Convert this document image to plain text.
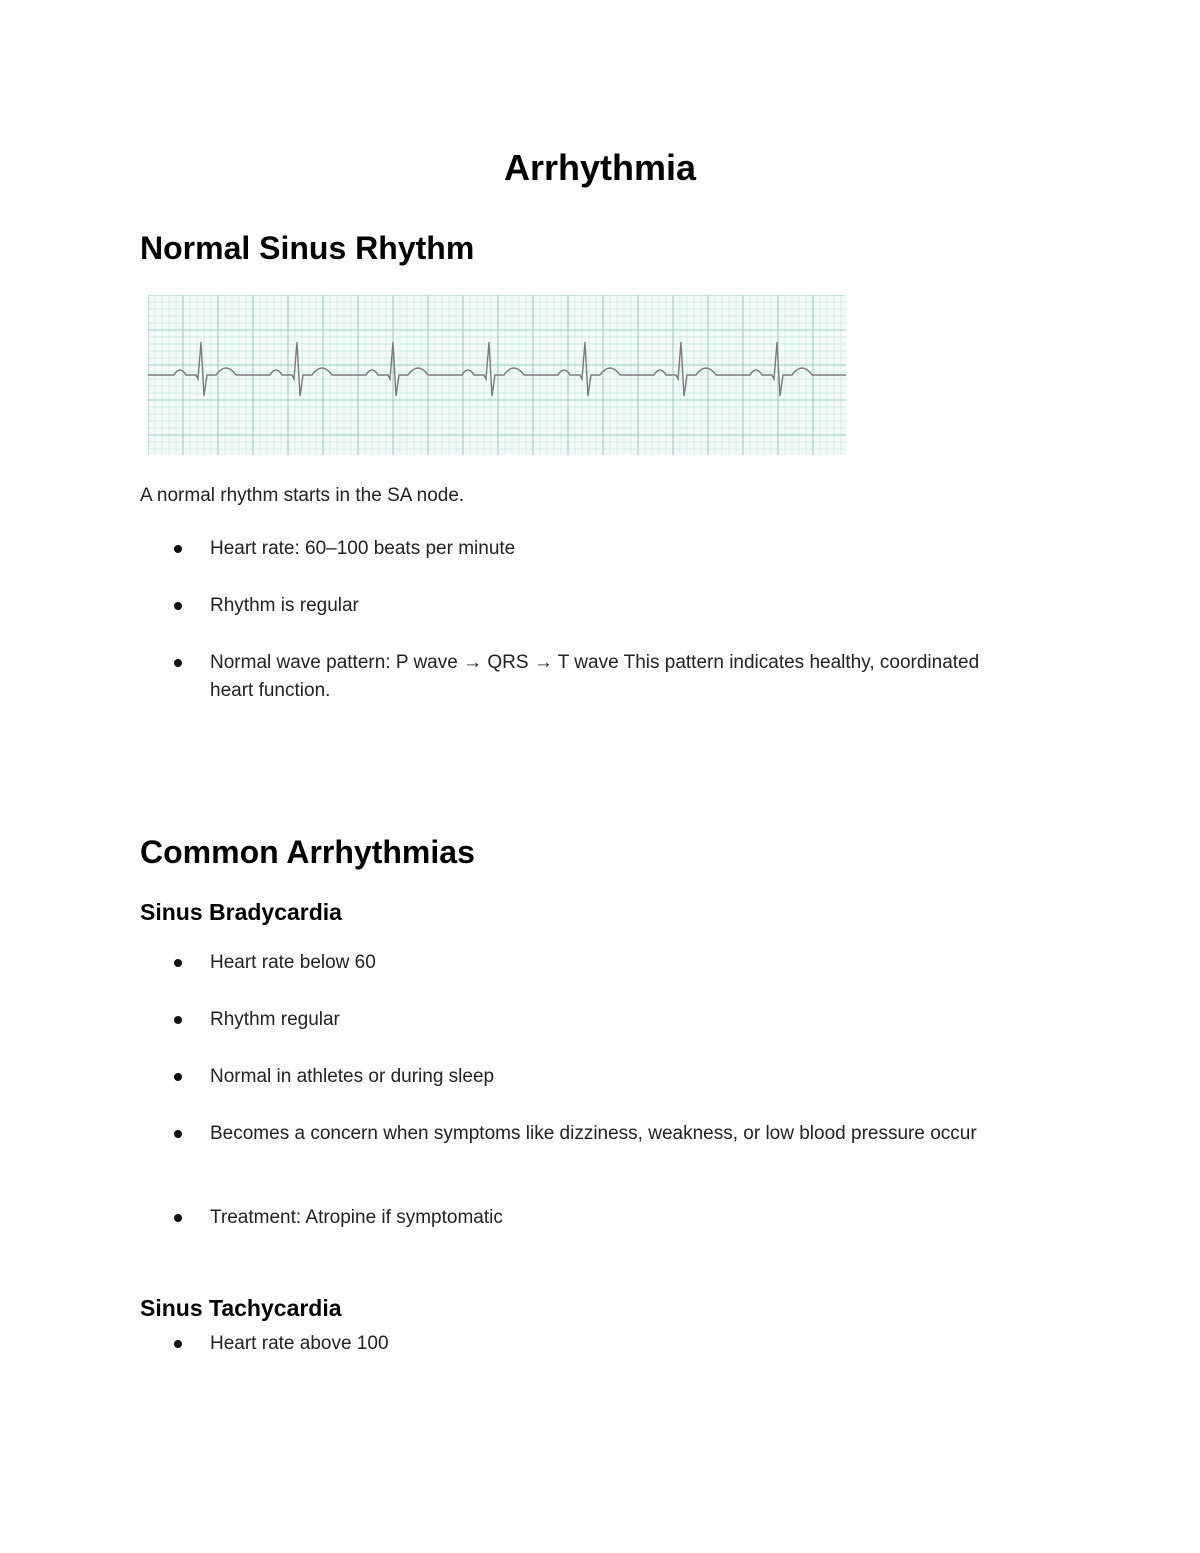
Arrhythmia
Normal Sinus Rhythm

A normal rhythm starts in the SA node.

Heart rate: 60–100 beats per minute
Rhythm is regular
Normal wave pattern: P wave → QRS → T wave This pattern indicates healthy, coordinated heart function.
Common Arrhythmias
Sinus Bradycardia
Heart rate below 60
Rhythm regular
Normal in athletes or during sleep
Becomes a concern when symptoms like dizziness, weakness, or low blood pressure occur
Treatment: Atropine if symptomatic
Sinus Tachycardia
Heart rate above 100
